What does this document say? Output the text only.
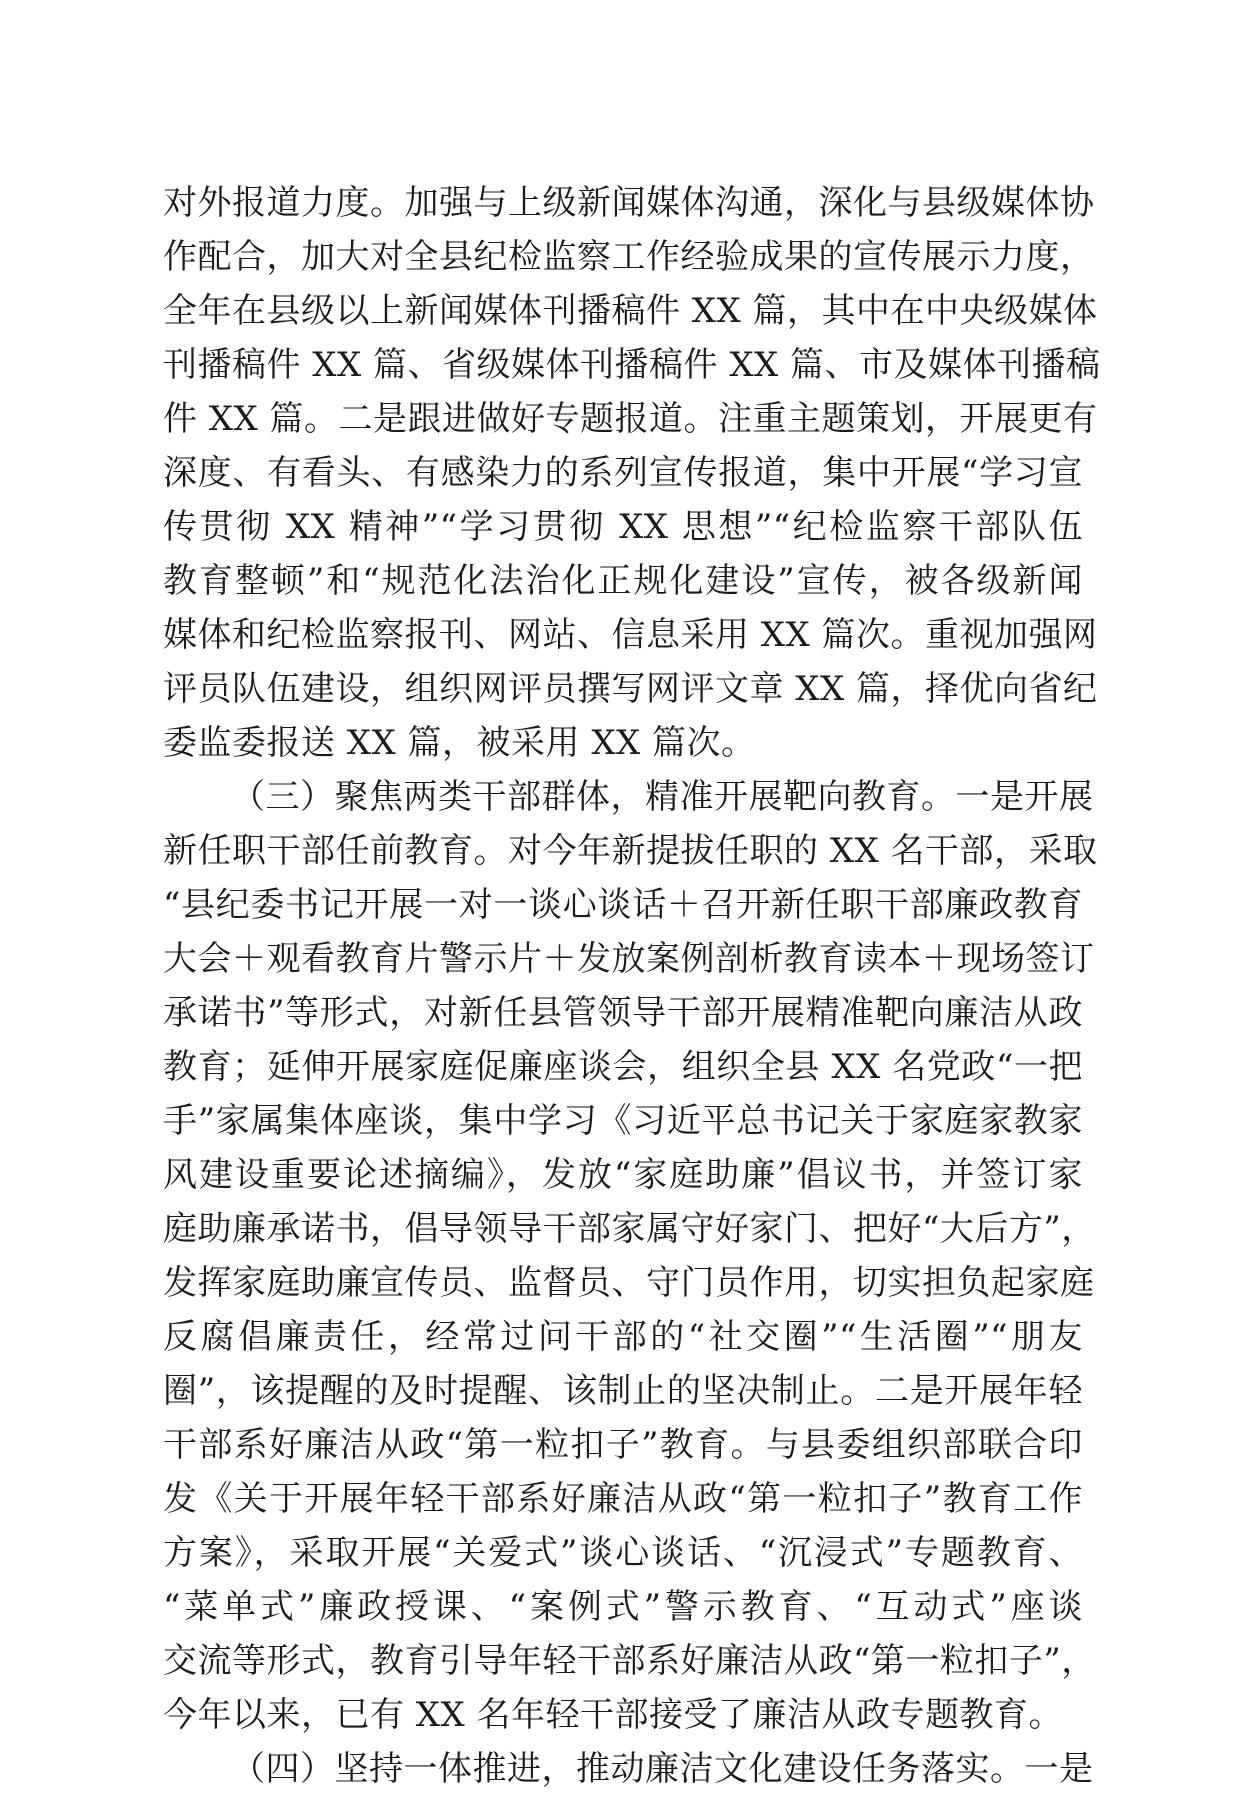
对外报道力度。加强与上级新闻媒体沟通，深化与县级媒体协
作配合，加大对全县纪检监察工作经验成果的宣传展示力度，
全年在县级以上新闻媒体刊播稿件 XX 篇，其中在中央级媒体
刊播稿件 XX 篇、省级媒体刊播稿件 XX 篇、市及媒体刊播稿
件 XX 篇。二是跟进做好专题报道。注重主题策划，开展更有
深度、有看头、有感染力的系列宣传报道，集中开展“学习宣
传贯彻 XX 精神”“学习贯彻 XX 思想”“纪检监察干部队伍
教育整顿”和“规范化法治化正规化建设”宣传，被各级新闻
媒体和纪检监察报刊、网站、信息采用 XX 篇次。重视加强网
评员队伍建设，组织网评员撰写网评文章 XX 篇，择优向省纪
委监委报送 XX 篇，被采用 XX 篇次。
（三）聚焦两类干部群体，精准开展靶向教育。一是开展
新任职干部任前教育。对今年新提拔任职的 XX 名干部，采取
“县纪委书记开展一对一谈心谈话＋召开新任职干部廉政教育
大会＋观看教育片警示片＋发放案例剖析教育读本＋现场签订
承诺书”等形式，对新任县管领导干部开展精准靶向廉洁从政
教育；延伸开展家庭促廉座谈会，组织全县 XX 名党政“一把
手”家属集体座谈，集中学习《习近平总书记关于家庭家教家
风建设重要论述摘编》，发放“家庭助廉”倡议书，并签订家
庭助廉承诺书，倡导领导干部家属守好家门、把好“大后方”，
发挥家庭助廉宣传员、监督员、守门员作用，切实担负起家庭
反腐倡廉责任，经常过问干部的“社交圈”“生活圈”“朋友
圈”，该提醒的及时提醒、该制止的坚决制止。二是开展年轻
干部系好廉洁从政“第一粒扣子”教育。与县委组织部联合印
发《关于开展年轻干部系好廉洁从政“第一粒扣子”教育工作
方案》，采取开展“关爱式”谈心谈话、“沉浸式”专题教育、
“菜单式”廉政授课、“案例式”警示教育、“互动式”座谈
交流等形式，教育引导年轻干部系好廉洁从政“第一粒扣子”，
今年以来，已有 XX 名年轻干部接受了廉洁从政专题教育。
（四）坚持一体推进，推动廉洁文化建设任务落实。一是
